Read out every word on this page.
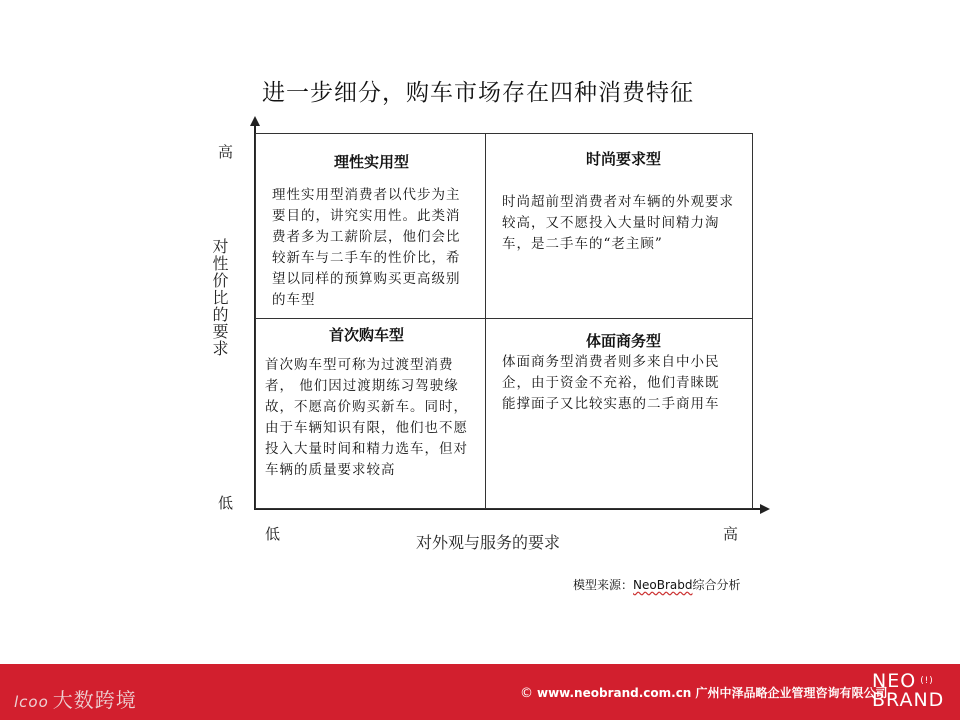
进一步细分，购车市场存在四种消费特征
高
低
对性价比的要求
低	高
对外观与服务的要求
理性实用型
理性实用型消费者以代步为主要目的，讲究实用性。此类消费者多为工薪阶层，他们会比较新车与二手车的性价比，希望以同样的预算购买更高级别的车型
时尚要求型
时尚超前型消费者对车辆的外观要求较高，又不愿投入大量时间精力淘车，是二手车的“老主顾”
首次购车型
首次购车型可称为过渡型消费者， 他们因过渡期练习驾驶缘故，不愿高价购买新车。同时， 由于车辆知识有限，他们也不愿投入大量时间和精力选车，但对车辆的质量要求较高
体面商务型
体面商务型消费者则多来自中小民企，由于资金不充裕，他们青睐既能撑面子又比较实惠的二手商用车
模型来源：NeoBrabd综合分析
lcoo 大数跨境	© www.neobrand.com.cn 广州中泽品略企业管理咨询有限公司
NEO (!)
BRAND
